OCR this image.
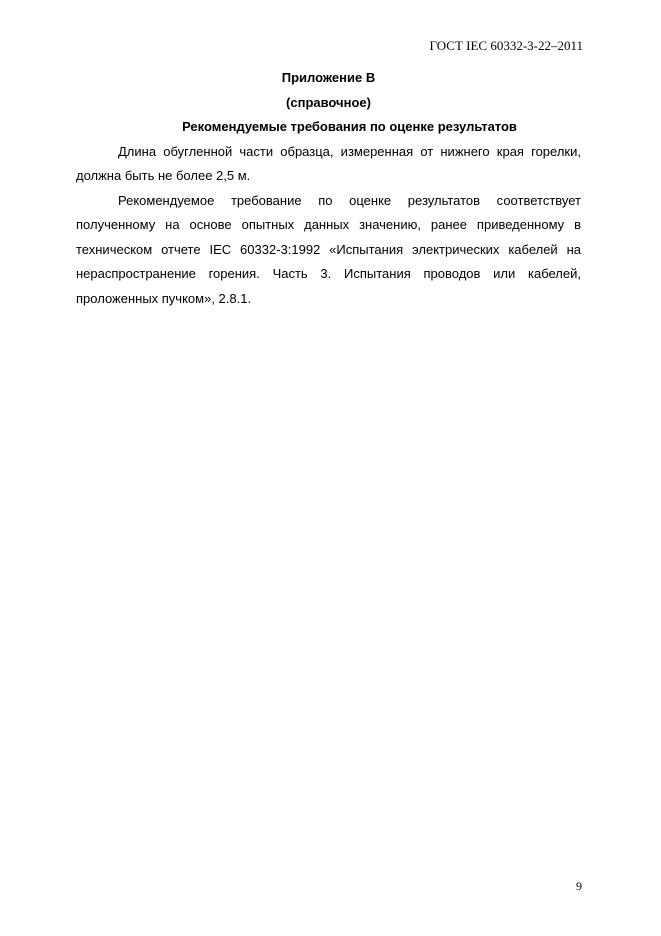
ГОСТ IEC 60332-3-22–2011

Приложение В

(справочное)

Рекомендуемые требования по оценке результатов

Длина обугленной части образца, измеренная от нижнего края горелки, должна быть не более 2,5 м.

Рекомендуемое требование по оценке результатов соответствует полученному на основе опытных данных значению, ранее приведенному в техническом отчете IEC 60332-3:1992 «Испытания электрических кабелей на нераспространение горения. Часть 3. Испытания проводов или кабелей, проложенных пучком», 2.8.1.

9
